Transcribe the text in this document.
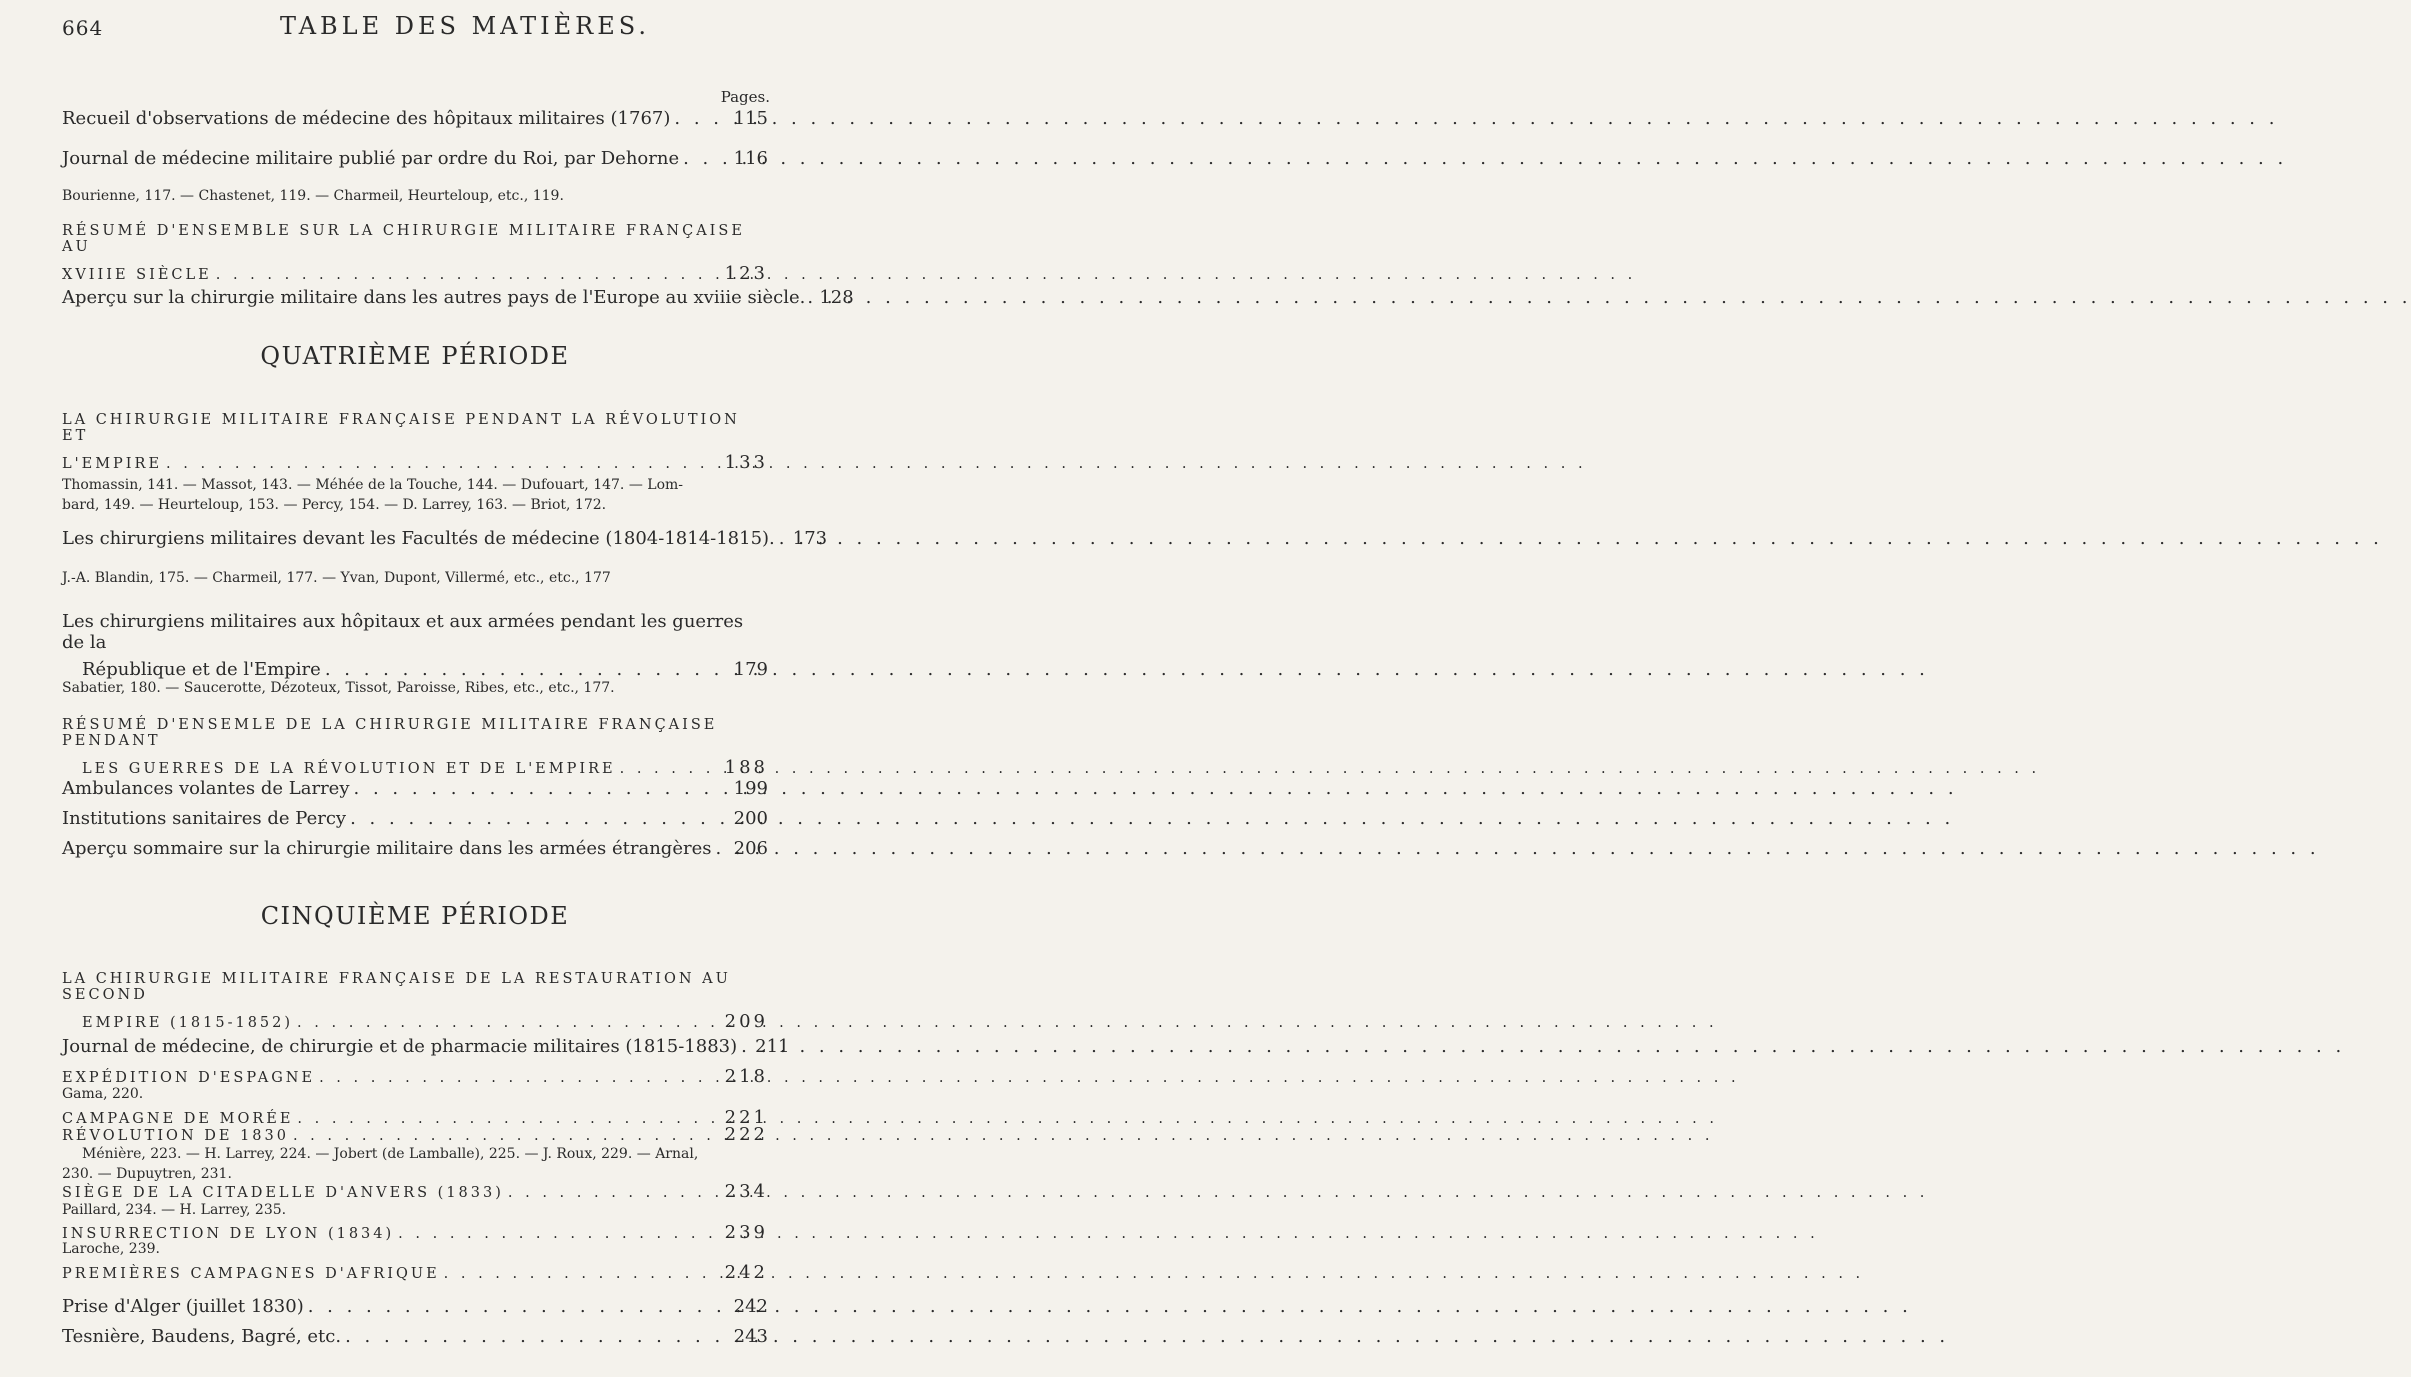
664	TABLE DES MATIÈRES.
Pages.
Recueil d'observations de médecine des hôpitaux militaires (1767) . . .	115
Journal de médecine militaire publié par ordre du Roi, par Dehorne . . .	116
Bourienne, 117. — Chastenet, 119. — Charmeil, Heurteloup, etc., 119.
RÉSUMÉ D'ENSEMBLE SUR LA CHIRURGIE MILITAIRE FRANÇAISE AU
XVIIIE SIÈCLE . . .	123
Aperçu sur la chirurgie militaire dans les autres pays de l'Europe au xviiie siècle. . . . 128
QUATRIÈME PÉRIODE
LA CHIRURGIE MILITAIRE FRANÇAISE PENDANT LA RÉVOLUTION ET
L'EMPIRE . . .	133
Thomassin, 141. — Massot, 143. — Méhée de la Touche, 144. — Dufouart, 147. — Lom-
bard, 149. — Heurteloup, 153. — Percy, 154. — D. Larrey, 163. — Briot, 172.
Les chirurgiens militaires devant les Facultés de médecine (1804-1814-1815). . . . 173
J.-A. Blandin, 175. — Charmeil, 177. — Yvan, Dupont, Villermé, etc., etc., 177
Les chirurgiens militaires aux hôpitaux et aux armées pendant les guerres de la
République et de l'Empire . . .	179
Sabatier, 180. — Saucerotte, Dézoteux, Tissot, Paroisse, Ribes, etc., etc., 177.
RÉSUMÉ D'ENSEMLE DE LA CHIRURGIE MILITAIRE FRANÇAISE PENDANT
LES GUERRES DE LA RÉVOLUTION ET DE L'EMPIRE . . .	188
Ambulances volantes de Larrey . . .	199
Institutions sanitaires de Percy . . .	200
Aperçu sommaire sur la chirurgie militaire dans les armées étrangères . . . 206
CINQUIÈME PÉRIODE
LA CHIRURGIE MILITAIRE FRANÇAISE DE LA RESTAURATION AU SECOND
EMPIRE (1815-1852) . . .	209
Journal de médecine, de chirurgie et de pharmacie militaires (1815-1883) . . . 211
EXPÉDITION D'ESPAGNE . . .	218
Gama, 220.
CAMPAGNE DE MORÉE . . .	221
RÉVOLUTION DE 1830 . . .	222
Ménière, 223. — H. Larrey, 224. — Jobert (de Lamballe), 225. — J. Roux, 229. — Arnal,
230. — Dupuytren, 231.
SIÈGE DE LA CITADELLE D'ANVERS (1833) . . .	234
Paillard, 234. — H. Larrey, 235.
INSURRECTION DE LYON (1834) . . .	239
Laroche, 239.
PREMIÈRES CAMPAGNES D'AFRIQUE . . .	242
Prise d'Alger (juillet 1830) . . .	242
Tesnière, Baudens, Bagré, etc. . . .	243
